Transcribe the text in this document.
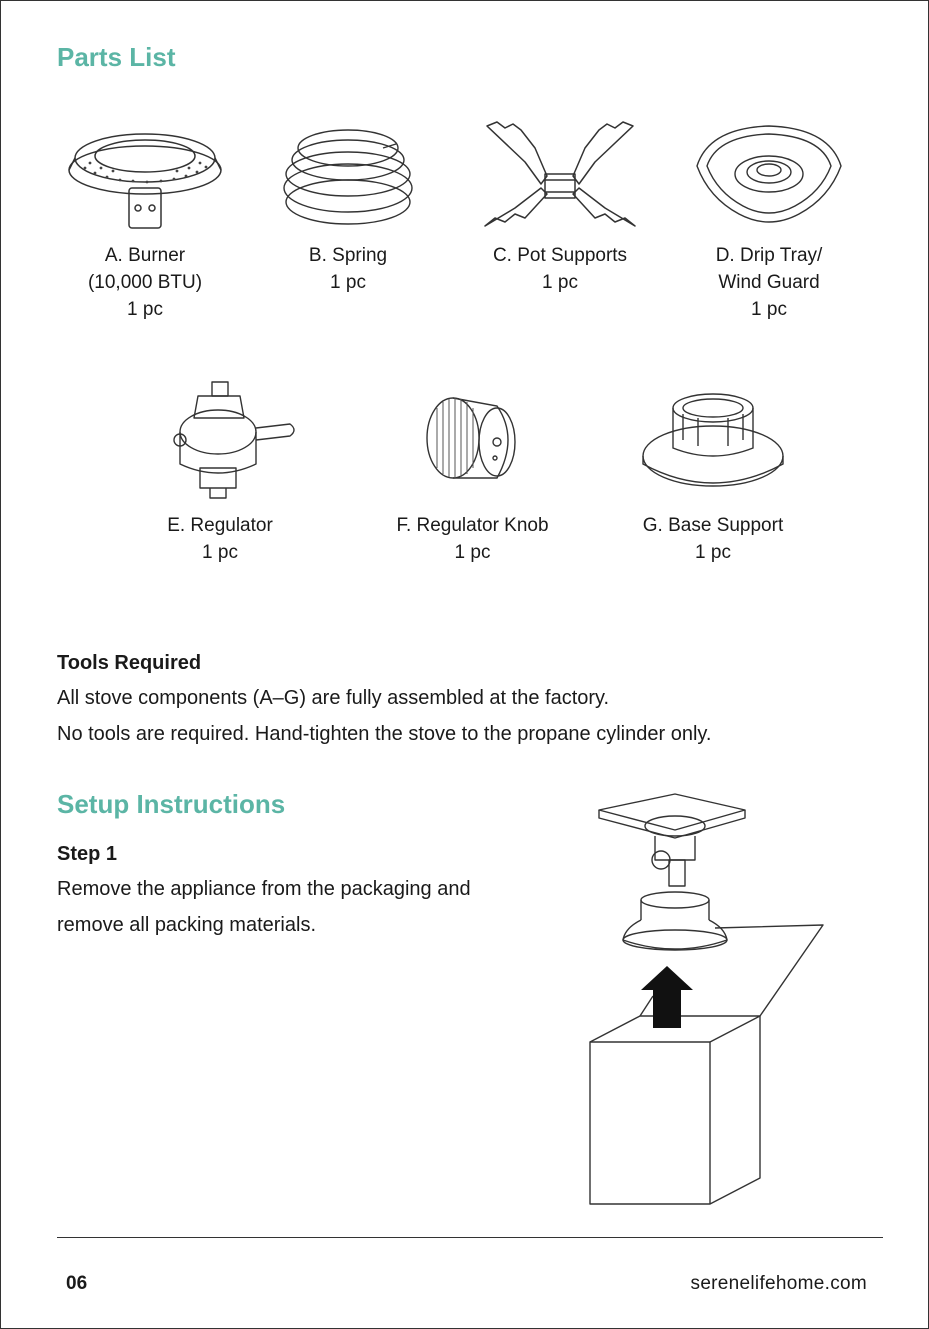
Parts List
A. Burner
(10,000 BTU)
1 pc
B. Spring
1 pc
C. Pot Supports
1 pc
D. Drip Tray/
Wind Guard
1 pc
E. Regulator
1 pc
F. Regulator Knob
1 pc
G. Base Support
1 pc
Tools Required
All stove components (A–G) are fully assembled at the factory.
No tools are required. Hand-tighten the stove to the propane cylinder only.
Setup Instructions
Step 1
Remove the appliance from the packaging and
remove all packing materials.
06	serenelifehome.com
